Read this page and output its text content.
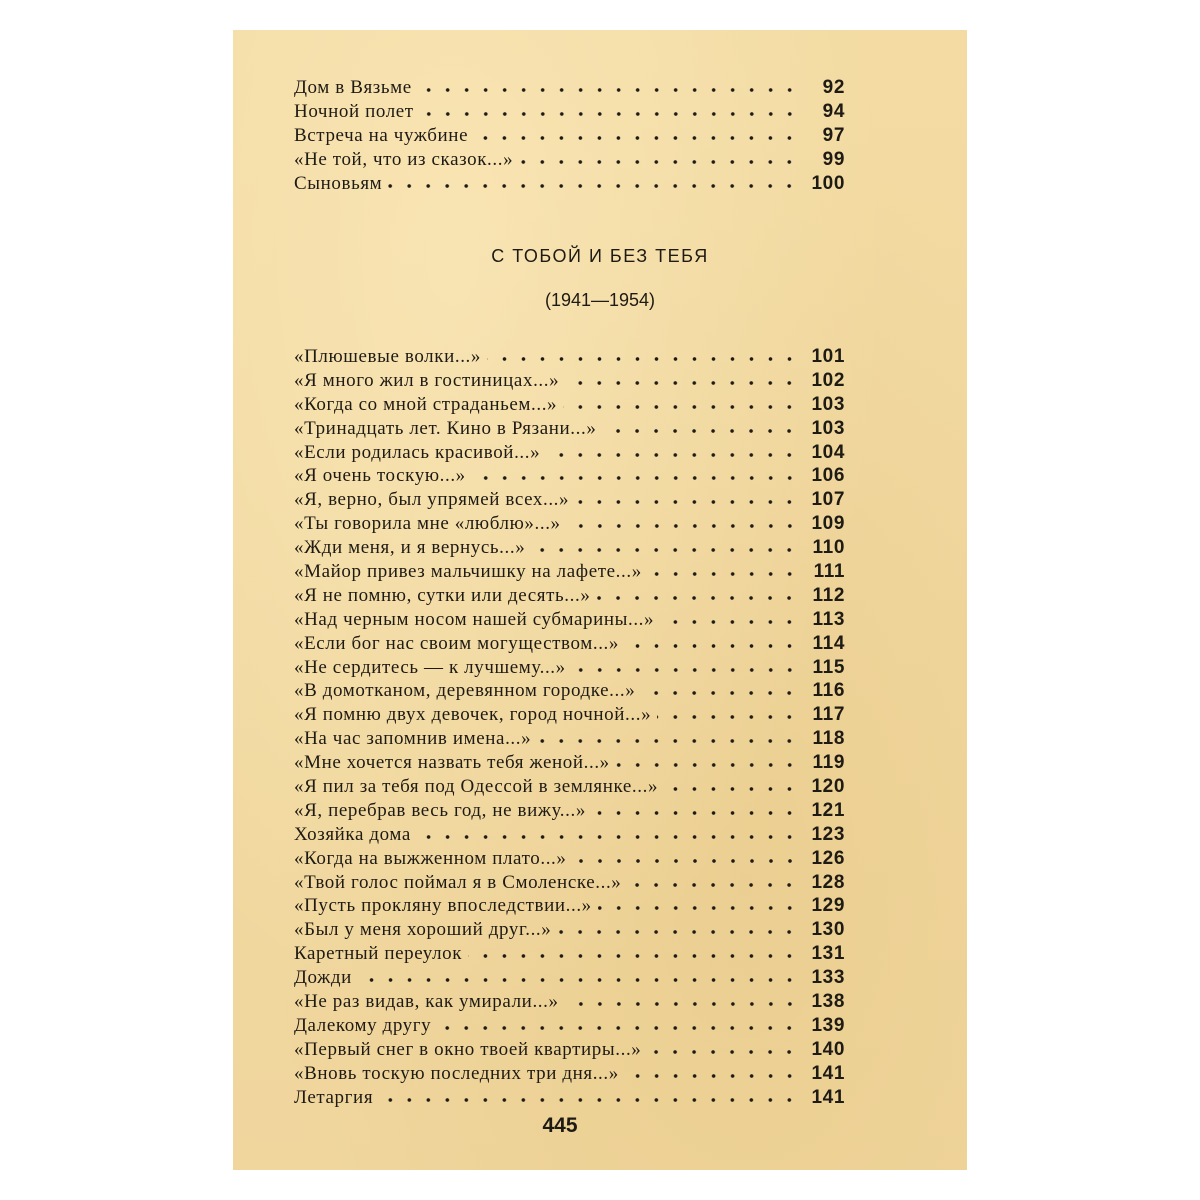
Дом в Вязьме	92
Ночной полет	94
Встреча на чужбине	97
«Не той, что из сказок...»	99
Сыновьям	100
С ТОБОЙ И БЕЗ ТЕБЯ
(1941—1954)
«Плюшевые волки...»	101
«Я много жил в гостиницах...»	102
«Когда со мной страданьем...»	103
«Тринадцать лет. Кино в Рязани...»	103
«Если родилась красивой...»	104
«Я очень тоскую...»	106
«Я, верно, был упрямей всех...»	107
«Ты говорила мне «люблю»...»	109
«Жди меня, и я вернусь...»	110
«Майор привез мальчишку на лафете...»	111
«Я не помню, сутки или десять...»	112
«Над черным носом нашей субмарины...»	113
«Если бог нас своим могуществом...»	114
«Не сердитесь — к лучшему...»	115
«В домотканом, деревянном городке...»	116
«Я помню двух девочек, город ночной...»	117
«На час запомнив имена...»	118
«Мне хочется назвать тебя женой...»	119
«Я пил за тебя под Одессой в землянке...»	120
«Я, перебрав весь год, не вижу...»	121
Хозяйка дома	123
«Когда на выжженном плато...»	126
«Твой голос поймал я в Смоленске...»	128
«Пусть прокляну впоследствии...»	129
«Был у меня хороший друг...»	130
Каретный переулок	131
Дожди	133
«Не раз видав, как умирали...»	138
Далекому другу	139
«Первый снег в окно твоей квартиры...»	140
«Вновь тоскую последних три дня...»	141
Летаргия	141
445
